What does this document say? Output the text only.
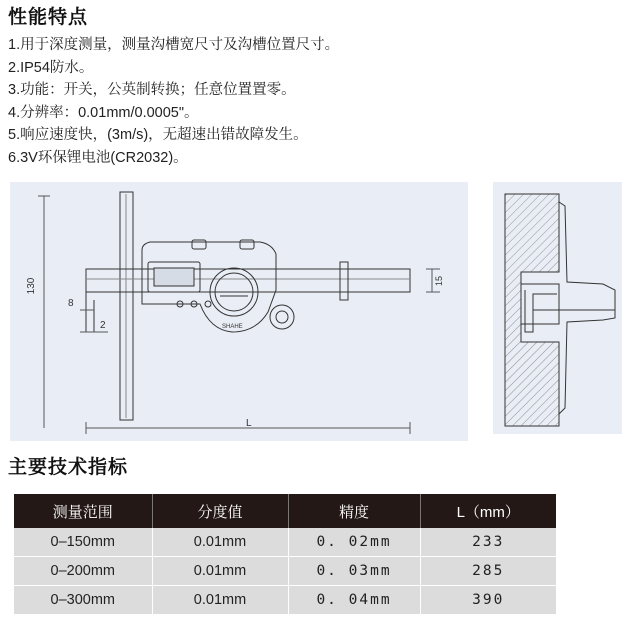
性能特点
1.用于深度测量，测量沟槽宽尺寸及沟槽位置尺寸。
2.IP54防水。
3.功能：开关，公英制转换；任意位置置零。
4.分辨率：0.01mm/0.0005"。
5.响应速度快，(3m/s)，无超速出错故障发生。
6.3V环保锂电池(CR2032)。
130
8
2
15
L
SHAHE
主要技术指标
测量范围	分度值	精度	L（mm）
0–150mm	0.01mm	0. 02mm	233
0–200mm	0.01mm	0. 03mm	285
0–300mm	0.01mm	0. 04mm	390
